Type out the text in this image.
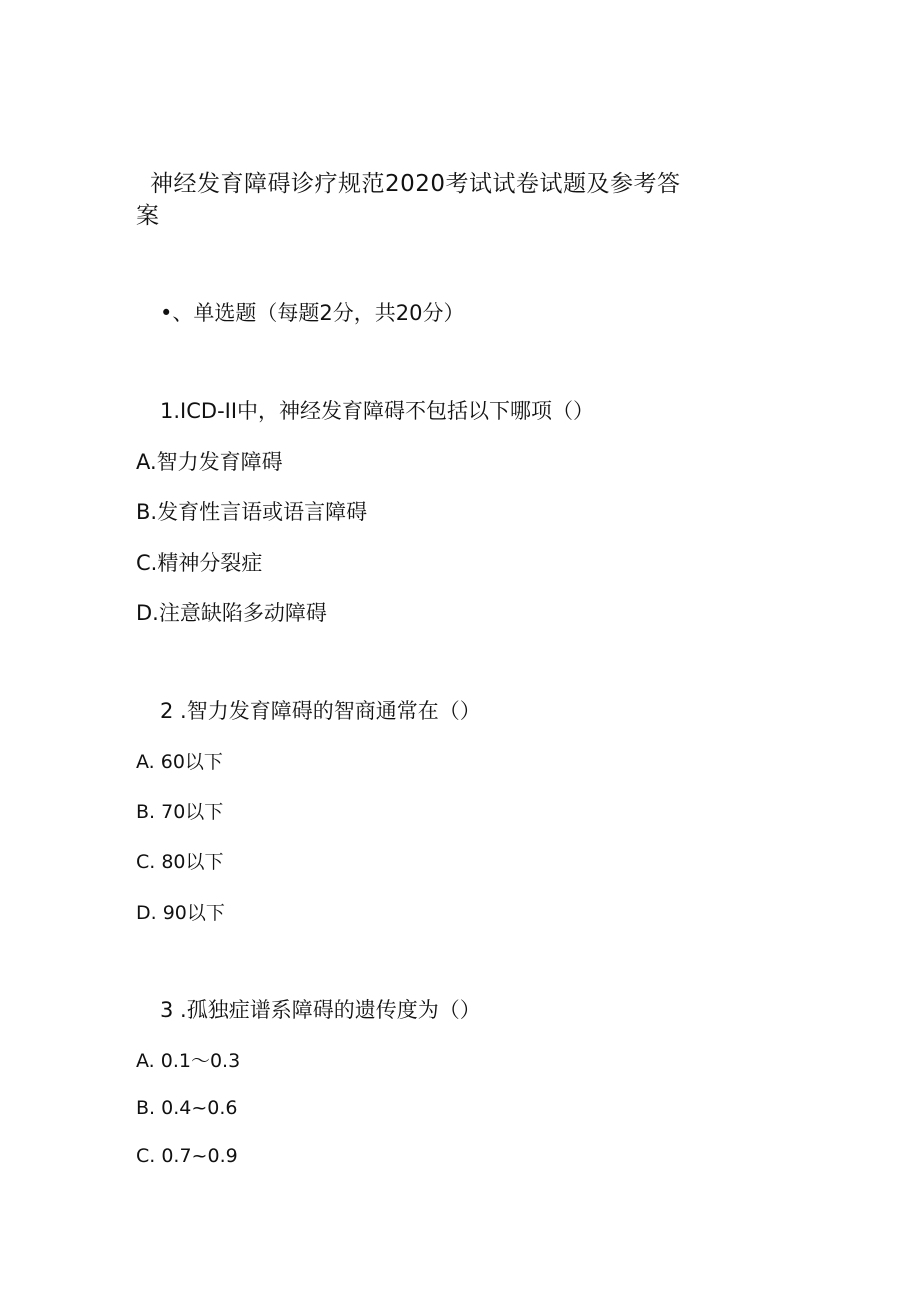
神经发育障碍诊疗规范2020考试试卷试题及参考答案
•、单选题（每题2分，共20分）

1.ICD-II中，神经发育障碍不包括以下哪项（）

A.智力发育障碍

B.发育性言语或语言障碍

C.精神分裂症

D.注意缺陷多动障碍

2 .智力发育障碍的智商通常在（）

A. 60以下

B. 70以下

C. 80以下

D. 90以下

3 .孤独症谱系障碍的遗传度为（）

A. 0.1～0.3

B. 0.4~0.6

C. 0.7~0.9
